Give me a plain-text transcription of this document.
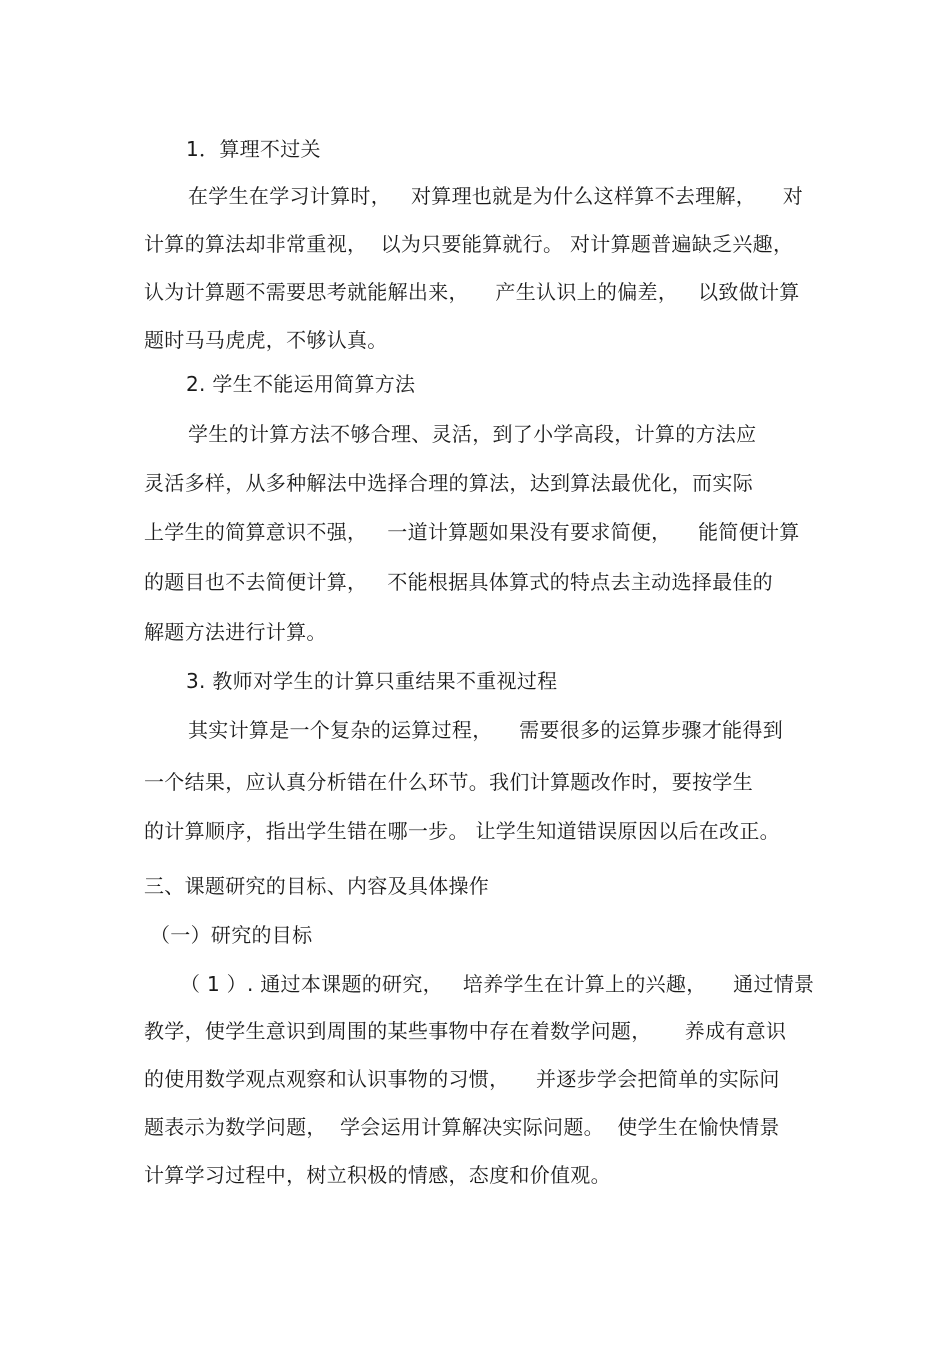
1．算理不过关
在学生在学习计算时，   对算理也就是为什么这样算不去理解，    对
计算的算法却非常重视，  以为只要能算就行。 对计算题普遍缺乏兴趣，
认为计算题不需要思考就能解出来，    产生认识上的偏差，   以致做计算
题时马马虎虎，不够认真。
2. 学生不能运用简算方法
学生的计算方法不够合理、灵活，到了小学高段，计算的方法应
灵活多样，从多种解法中选择合理的算法，达到算法最优化，而实际
上学生的简算意识不强，   一道计算题如果没有要求简便，    能简便计算
的题目也不去简便计算，   不能根据具体算式的特点去主动选择最佳的
解题方法进行计算。
3. 教师对学生的计算只重结果不重视过程
其实计算是一个复杂的运算过程，    需要很多的运算步骤才能得到
一个结果，应认真分析错在什么环节。我们计算题改作时，要按学生
的计算顺序，指出学生错在哪一步。 让学生知道错误原因以后在改正。
三、课题研究的目标、内容及具体操作
（一）研究的目标
（ 1 ）. 通过本课题的研究，   培养学生在计算上的兴趣，    通过情景
教学，使学生意识到周围的某些事物中存在着数学问题，     养成有意识
的使用数学观点观察和认识事物的习惯，    并逐步学会把简单的实际问
题表示为数学问题，  学会运用计算解决实际问题。  使学生在愉快情景
计算学习过程中，树立积极的情感，态度和价值观。
